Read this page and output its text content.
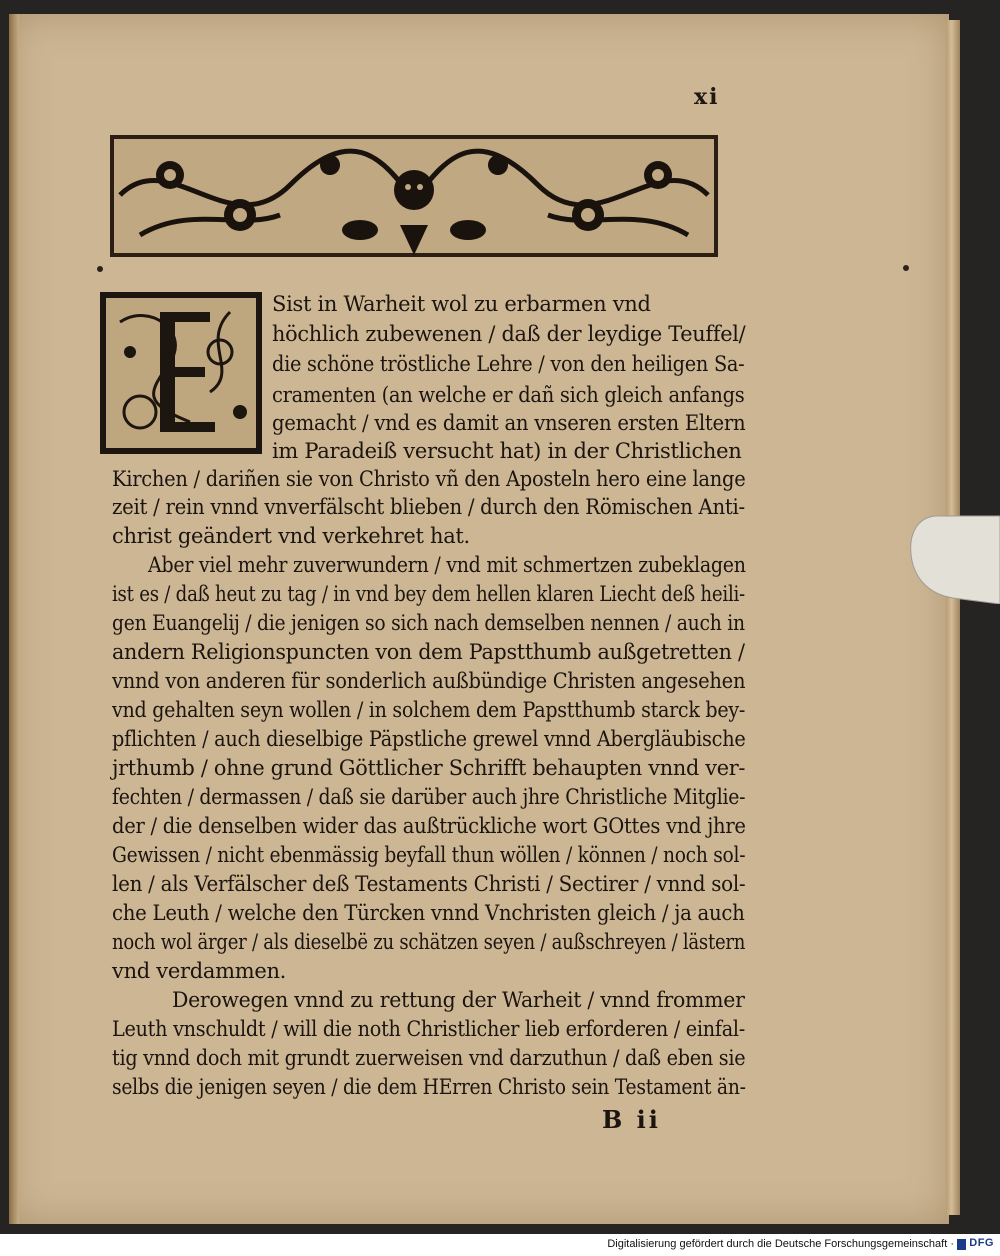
xi
Sist in Warheit wol zu erbarmen vnd
höchlich zubewenen / daß der leydige Teuffel/
die schöne tröstliche Lehre / von den heiligen Sa-
cramenten (an welche er dañ sich gleich anfangs
gemacht / vnd es damit an vnseren ersten Eltern
im Paradeiß versucht hat) in der Christlichen
Kirchen / dariñen sie von Christo vñ den Aposteln hero eine lange
zeit / rein vnnd vnverfälscht blieben / durch den Römischen Anti-
christ geändert vnd verkehret hat.
Aber viel mehr zuverwundern / vnd mit schmertzen zubeklagen
ist es / daß heut zu tag / in vnd bey dem hellen klaren Liecht deß heili-
gen Euangelij / die jenigen so sich nach demselben nennen / auch in
andern Religionspuncten von dem Papstthumb außgetretten /
vnnd von anderen für sonderlich außbündige Christen angesehen
vnd gehalten seyn wollen / in solchem dem Papstthumb starck bey-
pflichten / auch dieselbige Päpstliche grewel vnnd Abergläubische
jrthumb / ohne grund Göttlicher Schrifft behaupten vnnd ver-
fechten / dermassen / daß sie darüber auch jhre Christliche Mitglie-
der / die denselben wider das außtrückliche wort GOttes vnd jhre
Gewissen / nicht ebenmässig beyfall thun wöllen / können / noch sol-
len / als Verfälscher deß Testaments Christi / Sectirer / vnnd sol-
che Leuth / welche den Türcken vnnd Vnchristen gleich / ja auch
noch wol ärger / als dieselbë zu schätzen seyen / außschreyen / lästern
vnd verdammen.
Derowegen vnnd zu rettung der Warheit / vnnd frommer
Leuth vnschuldt / will die noth Christlicher lieb erforderen / einfal-
tig vnnd doch mit grundt zuerweisen vnd darzuthun / daß eben sie
selbs die jenigen seyen / die dem HErren Christo sein Testament än-
B ii
Digitalisierung gefördert durch die Deutsche Forschungsgemeinschaft · DFG
